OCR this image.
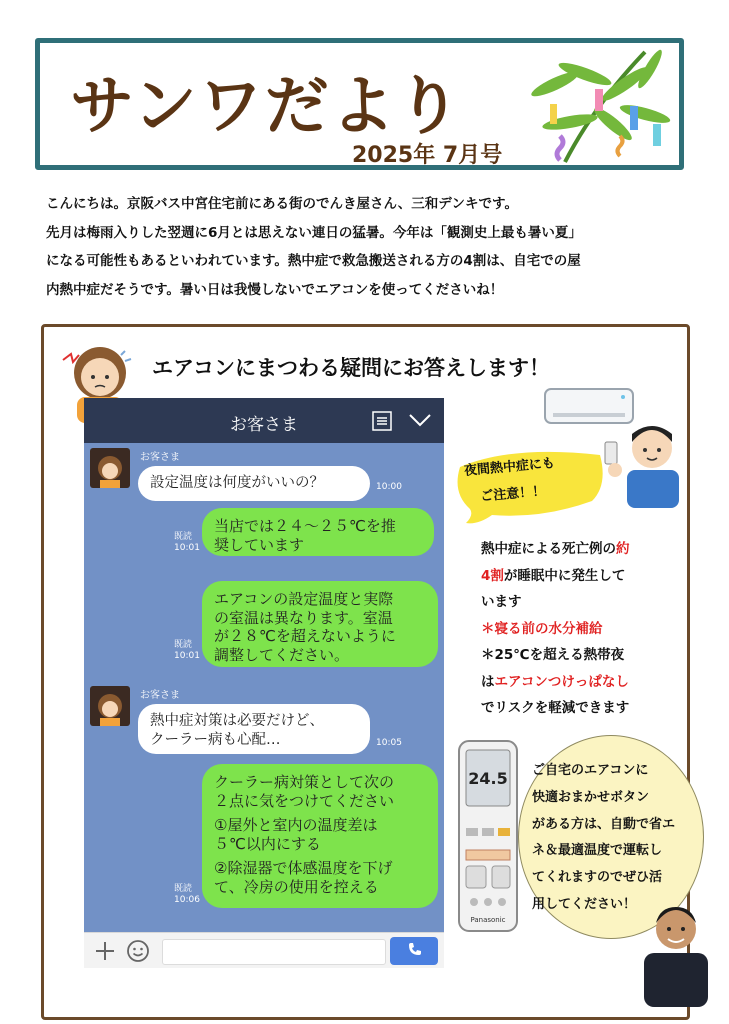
サンワだより
2025年 7月号

こんにちは。京阪バス中宮住宅前にある街のでんき屋さん、三和デンキです。

先月は梅雨入りした翌週に6月とは思えない連日の猛暑。今年は「観測史上最も暑い夏」

になる可能性もあるといわれています。熱中症で救急搬送される方の4割は、自宅での屋

内熱中症だそうです。暑い日は我慢しないでエアコンを使ってくださいね！

エアコンにまつわる疑問にお答えします！
お客さま
お客さま
設定温度は何度がいいの？	10:00
既読
10:01
当店では２４～２５℃を推
奨しています
既読
10:01
エアコンの設定温度と実際
の室温は異なります。室温
が２８℃を超えないように
調整してください。
お客さま
熱中症対策は必要だけど、
クーラー病も心配…	10:05
既読
10:06
クーラー病対策として次の
２点に気をつけてください
①屋外と室内の温度差は
５℃以内にする
②除湿器で体感温度を下げ
て、冷房の使用を控える
夜間熱中症にも
ご注意！！

熱中症による死亡例の約

4割が睡眠中に発生して

います

＊寝る前の水分補給

＊25℃を超える熱帯夜

はエアコンつけっぱなし

でリスクを軽減できます

24.5
Panasonic

ご自宅のエアコンに

快適おまかせボタン

がある方は、自動で省エ

ネ＆最適温度で運転し

てくれますのでぜひ活

用してください！
